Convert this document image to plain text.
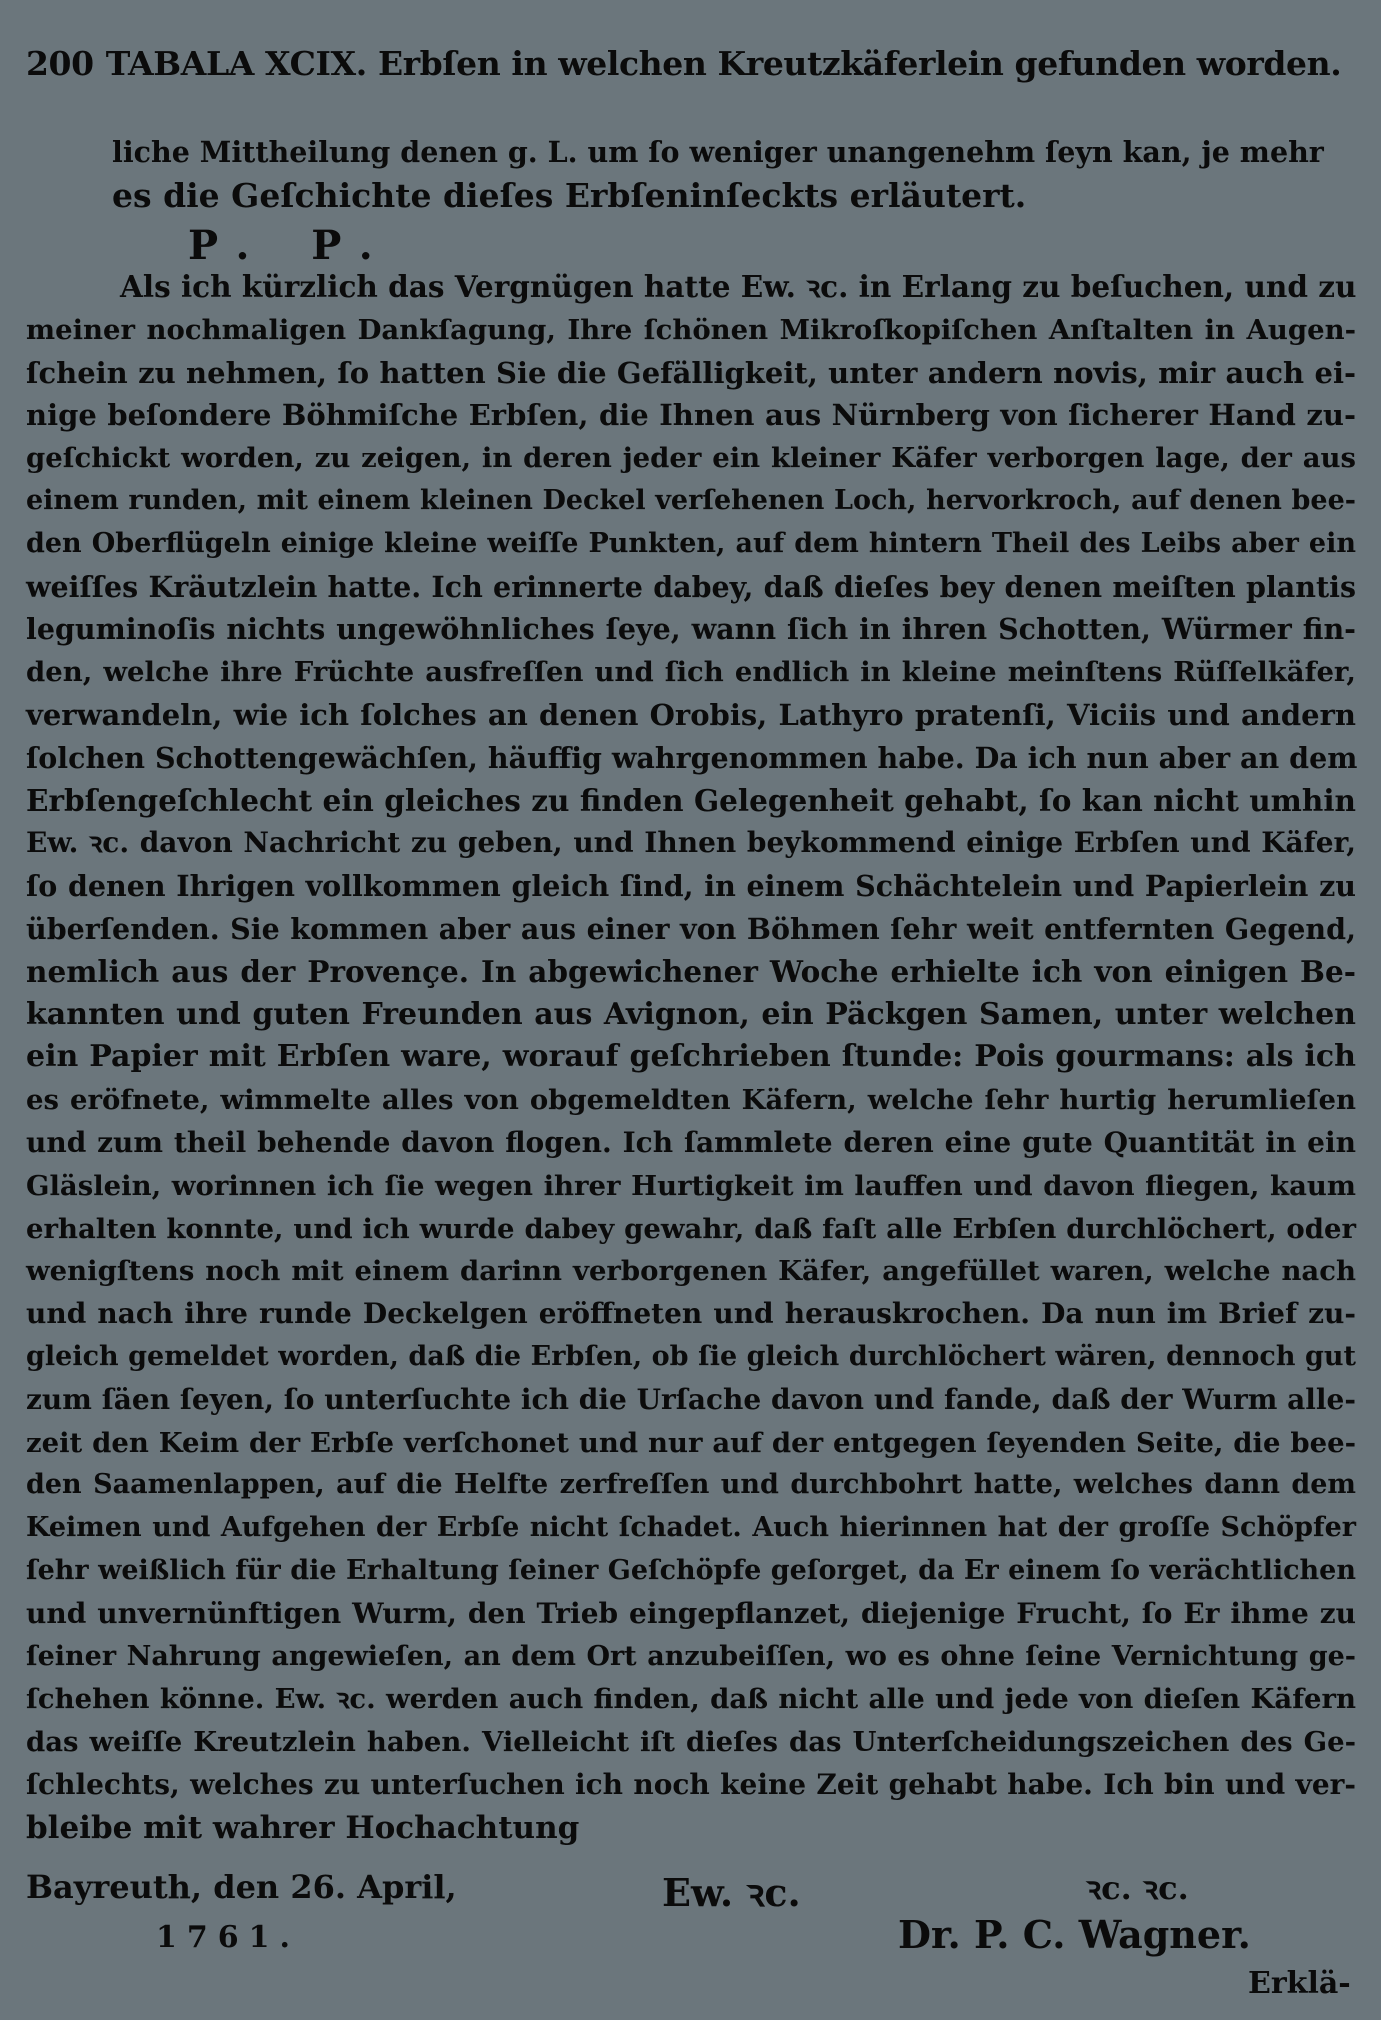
200 TABALA XCIX. Erbſen in welchen Kreutzkäferlein gefunden worden.
liche Mittheilung denen g. L. um ſo weniger unangenehm ſeyn kan, je mehr
es die Geſchichte dieſes Erbſeninſeckts erläutert.
P. P.
Als ich kürzlich das Vergnügen hatte Ew. ꝛc. in Erlang zu beſuchen, und zu
meiner nochmaligen Dankſagung, Ihre ſchönen Mikroſkopiſchen Anſtalten in Augen-
ſchein zu nehmen, ſo hatten Sie die Gefälligkeit, unter andern novis, mir auch ei-
nige beſondere Böhmiſche Erbſen, die Ihnen aus Nürnberg von ſicherer Hand zu-
geſchickt worden, zu zeigen, in deren jeder ein kleiner Käfer verborgen lage, der aus
einem runden, mit einem kleinen Deckel verſehenen Loch, hervorkroch, auf denen bee-
den Oberflügeln einige kleine weiſſe Punkten, auf dem hintern Theil des Leibs aber ein
weiſſes Kräutzlein hatte. Ich erinnerte dabey, daß dieſes bey denen meiſten plantis
leguminoſis nichts ungewöhnliches ſeye, wann ſich in ihren Schotten, Würmer fin-
den, welche ihre Früchte ausfreſſen und ſich endlich in kleine meinſtens Rüſſelkäfer,
verwandeln, wie ich ſolches an denen Orobis, Lathyro pratenſi, Viciis und andern
ſolchen Schottengewächſen, häuffig wahrgenommen habe. Da ich nun aber an dem
Erbſengeſchlecht ein gleiches zu finden Gelegenheit gehabt, ſo kan nicht umhin
Ew. ꝛc. davon Nachricht zu geben, und Ihnen beykommend einige Erbſen und Käfer,
ſo denen Ihrigen vollkommen gleich ſind, in einem Schächtelein und Papierlein zu
überſenden. Sie kommen aber aus einer von Böhmen ſehr weit entfernten Gegend,
nemlich aus der Provençe. In abgewichener Woche erhielte ich von einigen Be-
kannten und guten Freunden aus Avignon, ein Päckgen Samen, unter welchen
ein Papier mit Erbſen ware, worauf geſchrieben ſtunde: Pois gourmans: als ich
es eröfnete, wimmelte alles von obgemeldten Käfern, welche ſehr hurtig herumlieſen
und zum theil behende davon flogen. Ich ſammlete deren eine gute Quantität in ein
Gläslein, worinnen ich ſie wegen ihrer Hurtigkeit im lauffen und davon fliegen, kaum
erhalten konnte, und ich wurde dabey gewahr, daß faſt alle Erbſen durchlöchert, oder
wenigſtens noch mit einem darinn verborgenen Käfer, angefüllet waren, welche nach
und nach ihre runde Deckelgen eröffneten und herauskrochen. Da nun im Brief zu-
gleich gemeldet worden, daß die Erbſen, ob ſie gleich durchlöchert wären, dennoch gut
zum ſäen ſeyen, ſo unterſuchte ich die Urſache davon und fande, daß der Wurm alle-
zeit den Keim der Erbſe verſchonet und nur auf der entgegen ſeyenden Seite, die bee-
den Saamenlappen, auf die Helfte zerfreſſen und durchbohrt hatte, welches dann dem
Keimen und Aufgehen der Erbſe nicht ſchadet. Auch hierinnen hat der groſſe Schöpfer
ſehr weißlich für die Erhaltung ſeiner Geſchöpfe geſorget, da Er einem ſo verächtlichen
und unvernünftigen Wurm, den Trieb eingepflanzet, diejenige Frucht, ſo Er ihme zu
ſeiner Nahrung angewieſen, an dem Ort anzubeiſſen, wo es ohne ſeine Vernichtung ge-
ſchehen könne. Ew. ꝛc. werden auch finden, daß nicht alle und jede von dieſen Käfern
das weiſſe Kreutzlein haben. Vielleicht iſt dieſes das Unterſcheidungszeichen des Ge-
ſchlechts, welches zu unterſuchen ich noch keine Zeit gehabt habe. Ich bin und ver-
bleibe mit wahrer Hochachtung
Bayreuth, den 26. April,
1761.
Ew. ꝛc.	ꝛc. ꝛc.
Dr. P. C. Wagner.
Erklä-
